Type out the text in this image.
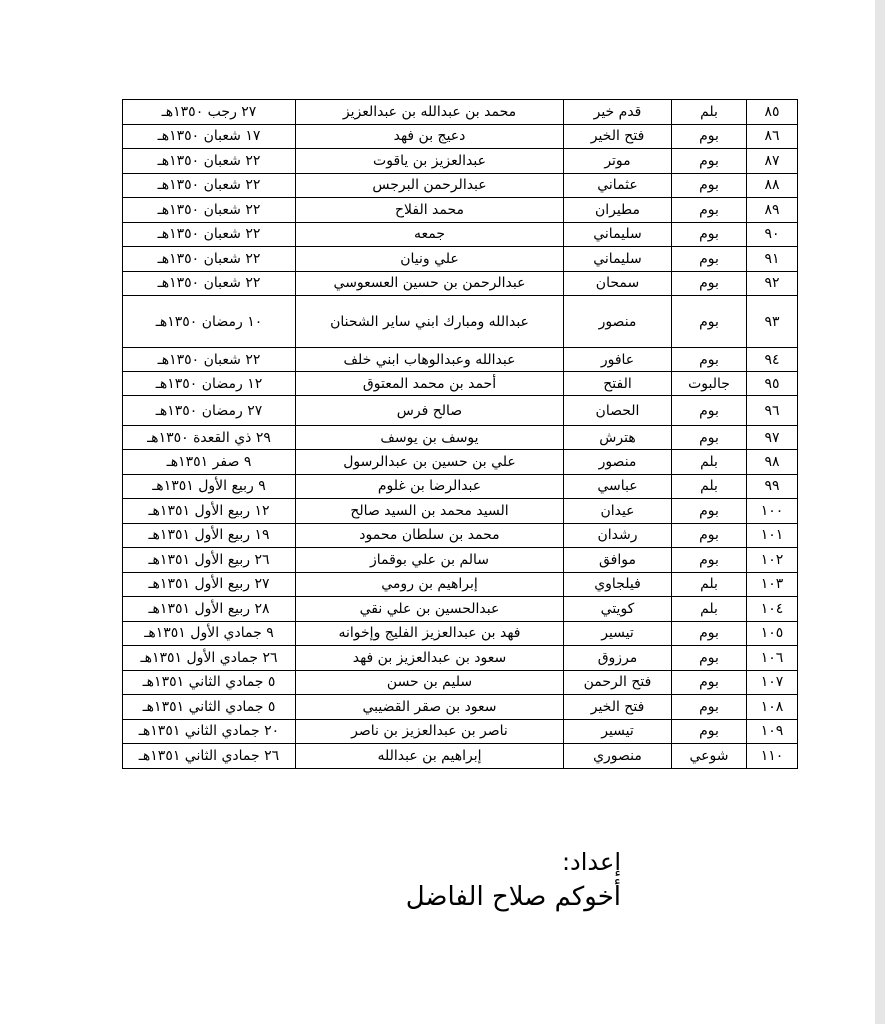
٨٥	بلم	قدم خير	محمد بن عبدالله بن عبدالعزيز	٢٧ رجب ١٣٥٠هـ
٨٦	بوم	فتح الخير	دعيج بن فهد	١٧ شعبان ١٣٥٠هـ
٨٧	بوم	موتر	عبدالعزيز بن ياقوت	٢٢ شعبان ١٣٥٠هـ
٨٨	بوم	عثماني	عبدالرحمن البرجس	٢٢ شعبان ١٣٥٠هـ
٨٩	بوم	مطيران	محمد الفلاح	٢٢ شعبان ١٣٥٠هـ
٩٠	بوم	سليماني	جمعه	٢٢ شعبان ١٣٥٠هـ
٩١	بوم	سليماني	علي ونيان	٢٢ شعبان ١٣٥٠هـ
٩٢	بوم	سمحان	عبدالرحمن بن حسين العسعوسي	٢٢ شعبان ١٣٥٠هـ
٩٣	بوم	منصور	عبدالله ومبارك ابني ساير الشحنان	١٠ رمضان ١٣٥٠هـ
٩٤	بوم	عافور	عبدالله وعبدالوهاب ابني خلف	٢٢ شعبان ١٣٥٠هـ
٩٥	جالبوت	الفتح	أحمد بن محمد المعتوق	١٢ رمضان ١٣٥٠هـ
٩٦	بوم	الحصان	صالح فرس	٢٧ رمضان ١٣٥٠هـ
٩٧	بوم	هترش	يوسف بن يوسف	٢٩ ذي القعدة ١٣٥٠هـ
٩٨	بلم	منصور	علي بن حسين بن عبدالرسول	٩ صفر ١٣٥١هـ
٩٩	بلم	عباسي	عبدالرضا بن غلوم	٩ ربيع الأول ١٣٥١هـ
١٠٠	بوم	عيدان	السيد محمد بن السيد صالح	١٢ ربيع الأول ١٣٥١هـ
١٠١	بوم	رشدان	محمد بن سلطان محمود	١٩ ربيع الأول ١٣٥١هـ
١٠٢	بوم	موافق	سالم بن علي بوقماز	٢٦ ربيع الأول ١٣٥١هـ
١٠٣	بلم	فيلجاوي	إبراهيم بن رومي	٢٧ ربيع الأول ١٣٥١هـ
١٠٤	بلم	كويتي	عبدالحسين بن علي نقي	٢٨ ربيع الأول ١٣٥١هـ
١٠٥	بوم	تيسير	فهد بن عبدالعزيز الفليج وإخوانه	٩ جمادي الأول ١٣٥١هـ
١٠٦	بوم	مرزوق	سعود بن عبدالعزيز بن فهد	٢٦ جمادي الأول ١٣٥١هـ
١٠٧	بوم	فتح الرحمن	سليم بن حسن	٥ جمادي الثاني ١٣٥١هـ
١٠٨	بوم	فتح الخير	سعود بن صقر القضيبي	٥ جمادي الثاني ١٣٥١هـ
١٠٩	بوم	تيسير	ناصر بن عبدالعزيز بن ناصر	٢٠ جمادي الثاني ١٣٥١هـ
١١٠	شوعي	منصوري	إبراهيم بن عبدالله	٢٦ جمادي الثاني ١٣٥١هـ
إعداد:
أخوكم صلاح الفاضل
